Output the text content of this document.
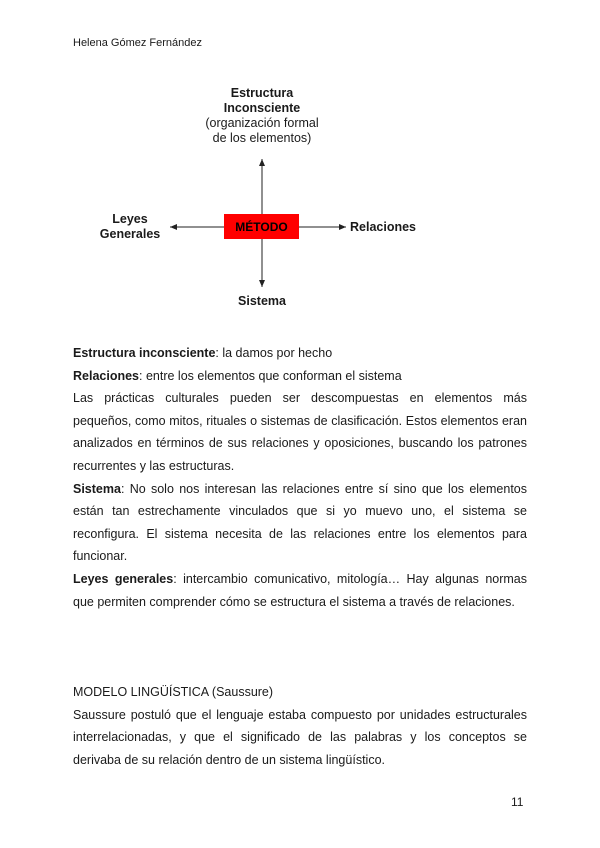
Helena Gómez Fernández
Estructura
Inconsciente
(organización formal
de los elementos)
Leyes
Generales
MÉTODO	Relaciones
Sistema

Estructura inconsciente: la damos por hecho

Relaciones: entre los elementos que conforman el sistema

Las prácticas culturales pueden ser descompuestas en elementos más pequeños, como mitos, rituales o sistemas de clasificación. Estos elementos eran analizados en términos de sus relaciones y oposiciones, buscando los patrones recurrentes y las estructuras.

Sistema: No solo nos interesan las relaciones entre sí sino que los elementos están tan estrechamente vinculados que si yo muevo uno, el sistema se reconfigura. El sistema necesita de las relaciones entre los elementos para funcionar.

Leyes generales: intercambio comunicativo, mitología… Hay algunas normas que permiten comprender cómo se estructura el sistema a través de relaciones.

MODELO LINGÜÍSTICA (Saussure)

Saussure postuló que el lenguaje estaba compuesto por unidades estructurales interrelacionadas, y que el significado de las palabras y los conceptos se derivaba de su relación dentro de un sistema lingüístico.

11
